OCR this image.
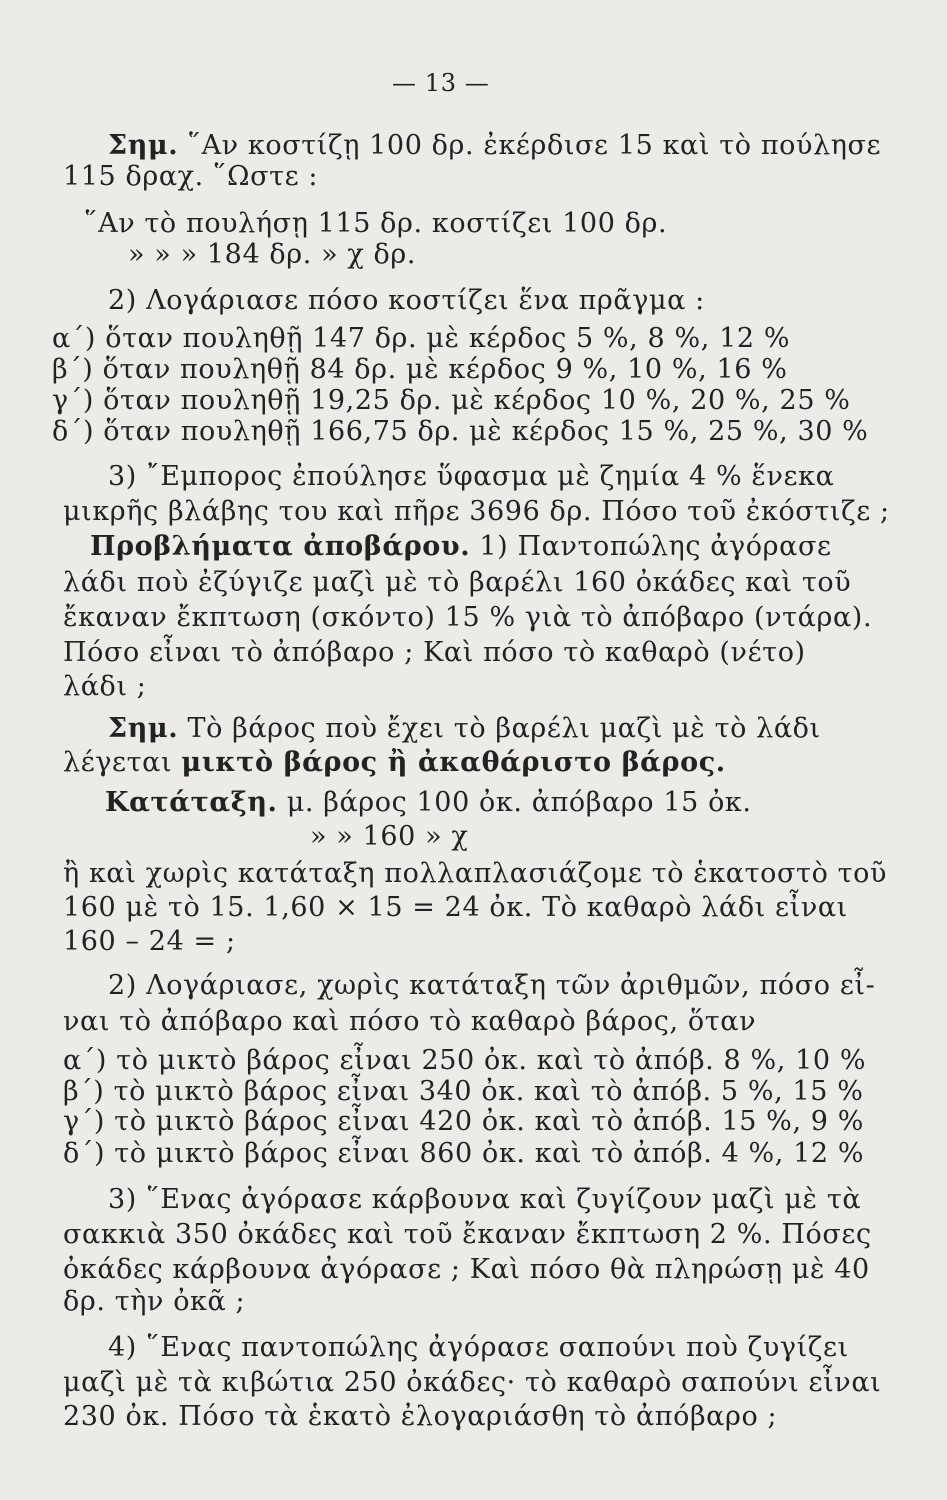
— 13 —
Σημ. ῞Αν κοστίζῃ 100 δρ. ἐκέρδισε 15 καὶ τὸ πούλησε
115 δραχ. ῞Ωστε :
῞Αν τὸ πουλήσῃ 115 δρ. κοστίζει 100 δρ.
» » » 184 δρ. » χ δρ.
2) Λογάριασε πόσο κοστίζει ἕνα πρᾶγμα :
α΄) ὅταν πουληθῇ 147 δρ. μὲ κέρδος 5 %, 8 %, 12 %
β΄) ὅταν πουληθῇ 84 δρ. μὲ κέρδος 9 %, 10 %, 16 %
γ΄) ὅταν πουληθῇ 19,25 δρ. μὲ κέρδος 10 %, 20 %, 25 %
δ΄) ὅταν πουληθῇ 166,75 δρ. μὲ κέρδος 15 %, 25 %, 30 %
3) ῎Εμπορος ἐπούλησε ὕφασμα μὲ ζημία 4 % ἕνεκα
μικρῆς βλάβης του καὶ πῆρε 3696 δρ. Πόσο τοῦ ἐκόστιζε ;
Προβλήματα ἀποβάρου. 1) Παντοπώλης ἀγόρασε
λάδι ποὺ ἐζύγιζε μαζὶ μὲ τὸ βαρέλι 160 ὀκάδες καὶ τοῦ
ἔκαναν ἔκπτωση (σκόντο) 15 % γιὰ τὸ ἀπόβαρο (ντάρα).
Πόσο εἶναι τὸ ἀπόβαρο ; Καὶ πόσο τὸ καθαρὸ (νέτο)
λάδι ;
Σημ. Τὸ βάρος ποὺ ἔχει τὸ βαρέλι μαζὶ μὲ τὸ λάδι
λέγεται μικτὸ βάρος ἢ ἀκαθάριστο βάρος.
Κατάταξη. μ. βάρος 100 ὀκ. ἀπόβαρο 15 ὀκ.
» » 160 » χ
ἢ καὶ χωρὶς κατάταξη πολλαπλασιάζομε τὸ ἑκατοστὸ τοῦ
160 μὲ τὸ 15. 1,60 × 15 = 24 ὀκ. Τὸ καθαρὸ λάδι εἶναι
160 – 24 = ;
2) Λογάριασε, χωρὶς κατάταξη τῶν ἀριθμῶν, πόσο εἶ-
ναι τὸ ἀπόβαρο καὶ πόσο τὸ καθαρὸ βάρος, ὅταν
α΄) τὸ μικτὸ βάρος εἶναι 250 ὀκ. καὶ τὸ ἀπόβ. 8 %, 10 %
β΄) τὸ μικτὸ βάρος εἶναι 340 ὀκ. καὶ τὸ ἀπόβ. 5 %, 15 %
γ΄) τὸ μικτὸ βάρος εἶναι 420 ὀκ. καὶ τὸ ἀπόβ. 15 %, 9 %
δ΄) τὸ μικτὸ βάρος εἶναι 860 ὀκ. καὶ τὸ ἀπόβ. 4 %, 12 %
3) ῞Ενας ἀγόρασε κάρβουνα καὶ ζυγίζουν μαζὶ μὲ τὰ
σακκιὰ 350 ὀκάδες καὶ τοῦ ἔκαναν ἔκπτωση 2 %. Πόσες
ὀκάδες κάρβουνα ἀγόρασε ; Καὶ πόσο θὰ πληρώσῃ μὲ 40
δρ. τὴν ὀκᾶ ;
4) ῞Ενας παντοπώλης ἀγόρασε σαπούνι ποὺ ζυγίζει
μαζὶ μὲ τὰ κιβώτια 250 ὀκάδες· τὸ καθαρὸ σαπούνι εἶναι
230 ὀκ. Πόσο τὰ ἑκατὸ ἐλογαριάσθη τὸ ἀπόβαρο ;
